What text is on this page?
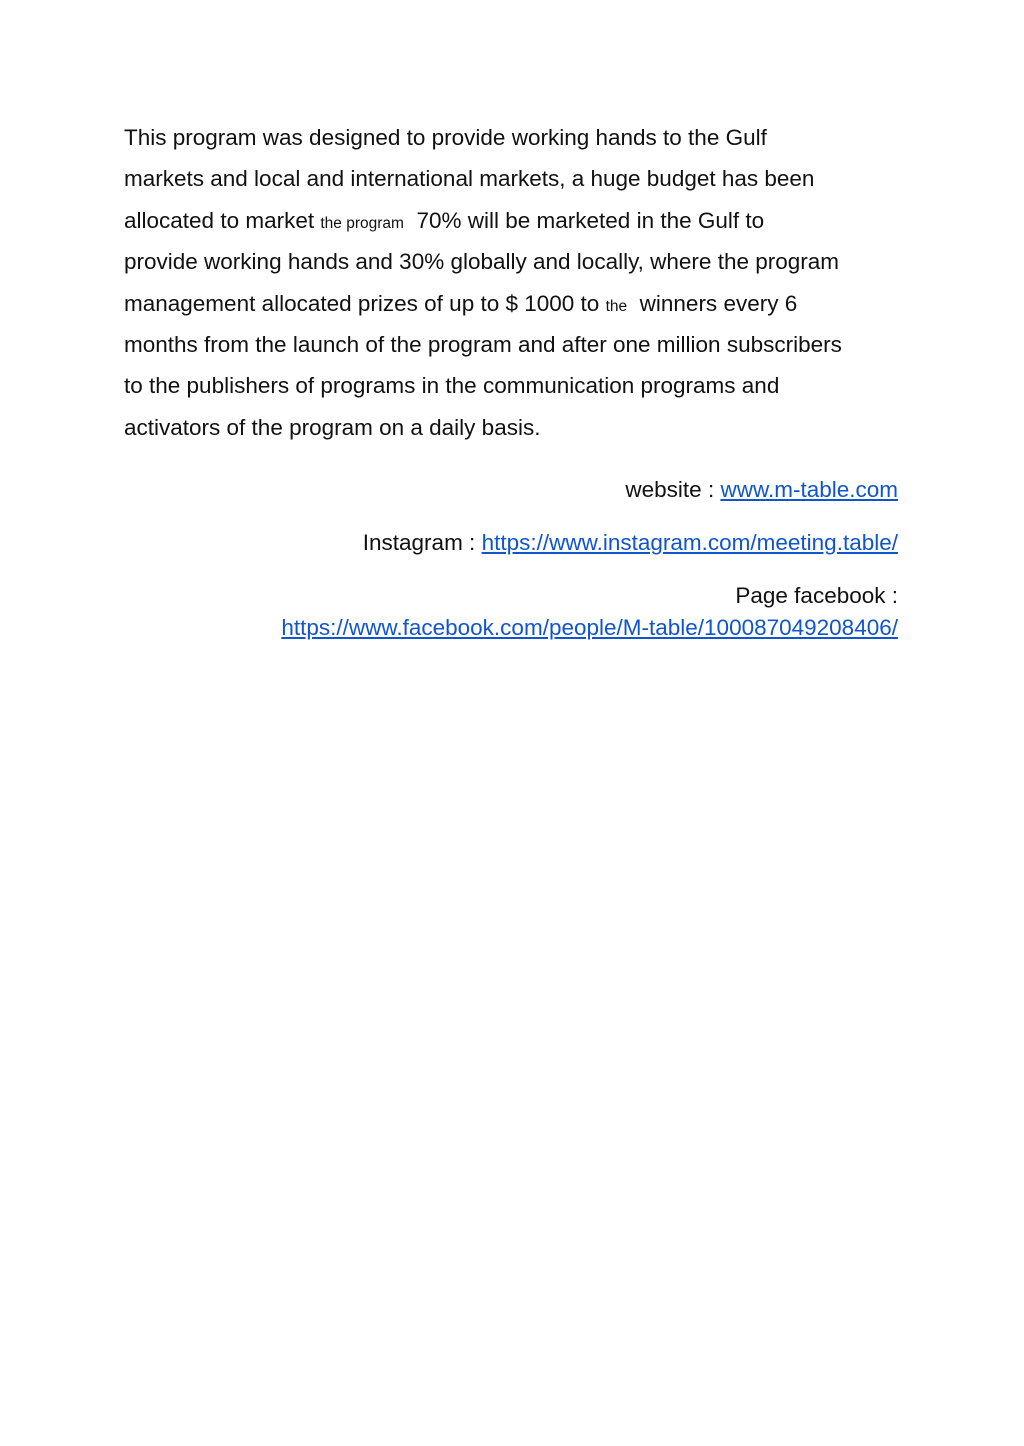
This program was designed to provide working hands to the Gulf
markets and local and international markets, a huge budget has been
allocated to market the program 70% will be marketed in the Gulf to
provide working hands and 30% globally and locally, where the program
management allocated prizes of up to $ 1000 to the winners every 6
months from the launch of the program and after one million subscribers
to the publishers of programs in the communication programs and
activators of the program on a daily basis.
website : www.m-table.com
Instagram : https://www.instagram.com/meeting.table/
Page facebook :
https://www.facebook.com/people/M-table/100087049208406/
